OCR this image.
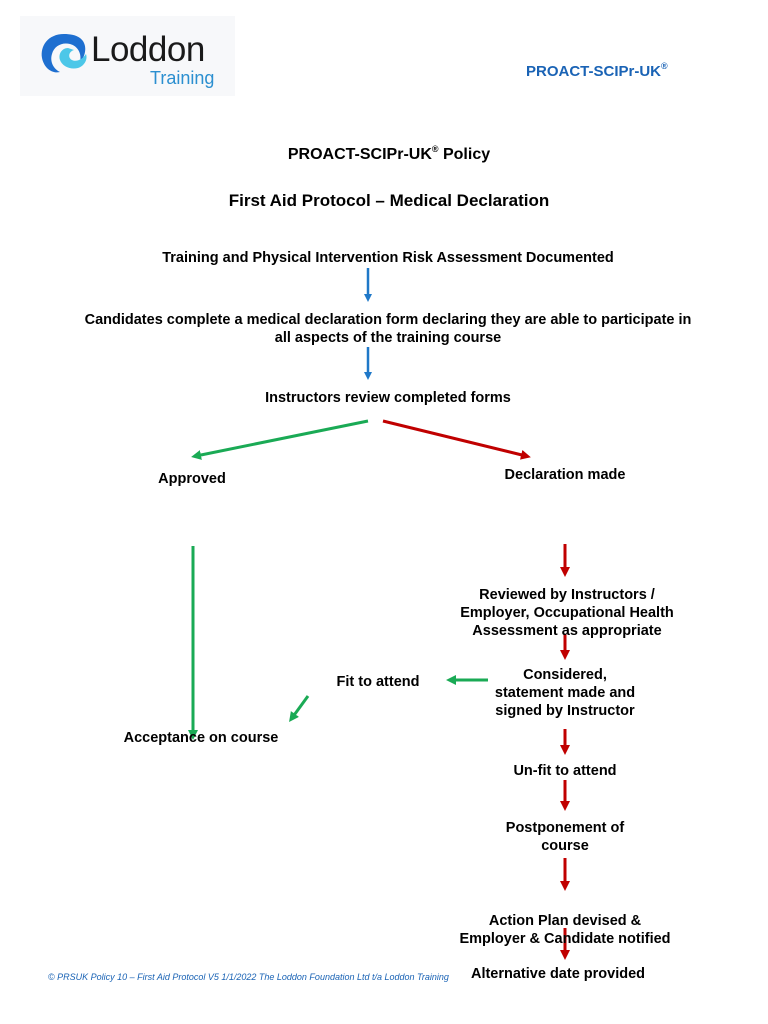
Loddon
Training	PROACT-SCIPr-UK®
PROACT-SCIPr-UK® Policy
First Aid Protocol – Medical Declaration
Training and Physical Intervention Risk Assessment Documented
Candidates complete a medical declaration form declaring they are able to participate in
all aspects of the training course
Instructors review completed forms
Approved	Declaration made
Reviewed by Instructors /
Employer, Occupational Health
Assessment as appropriate
Considered,
statement made and
signed by Instructor
Fit to attend
Acceptance on course
Un-fit to attend
Postponement of
course
Action Plan devised &
Employer & Candidate notified
© PRSUK Policy 10 – First Aid Protocol V5 1/1/2022 The Loddon Foundation Ltd t/a Loddon Training	Alternative date provided
